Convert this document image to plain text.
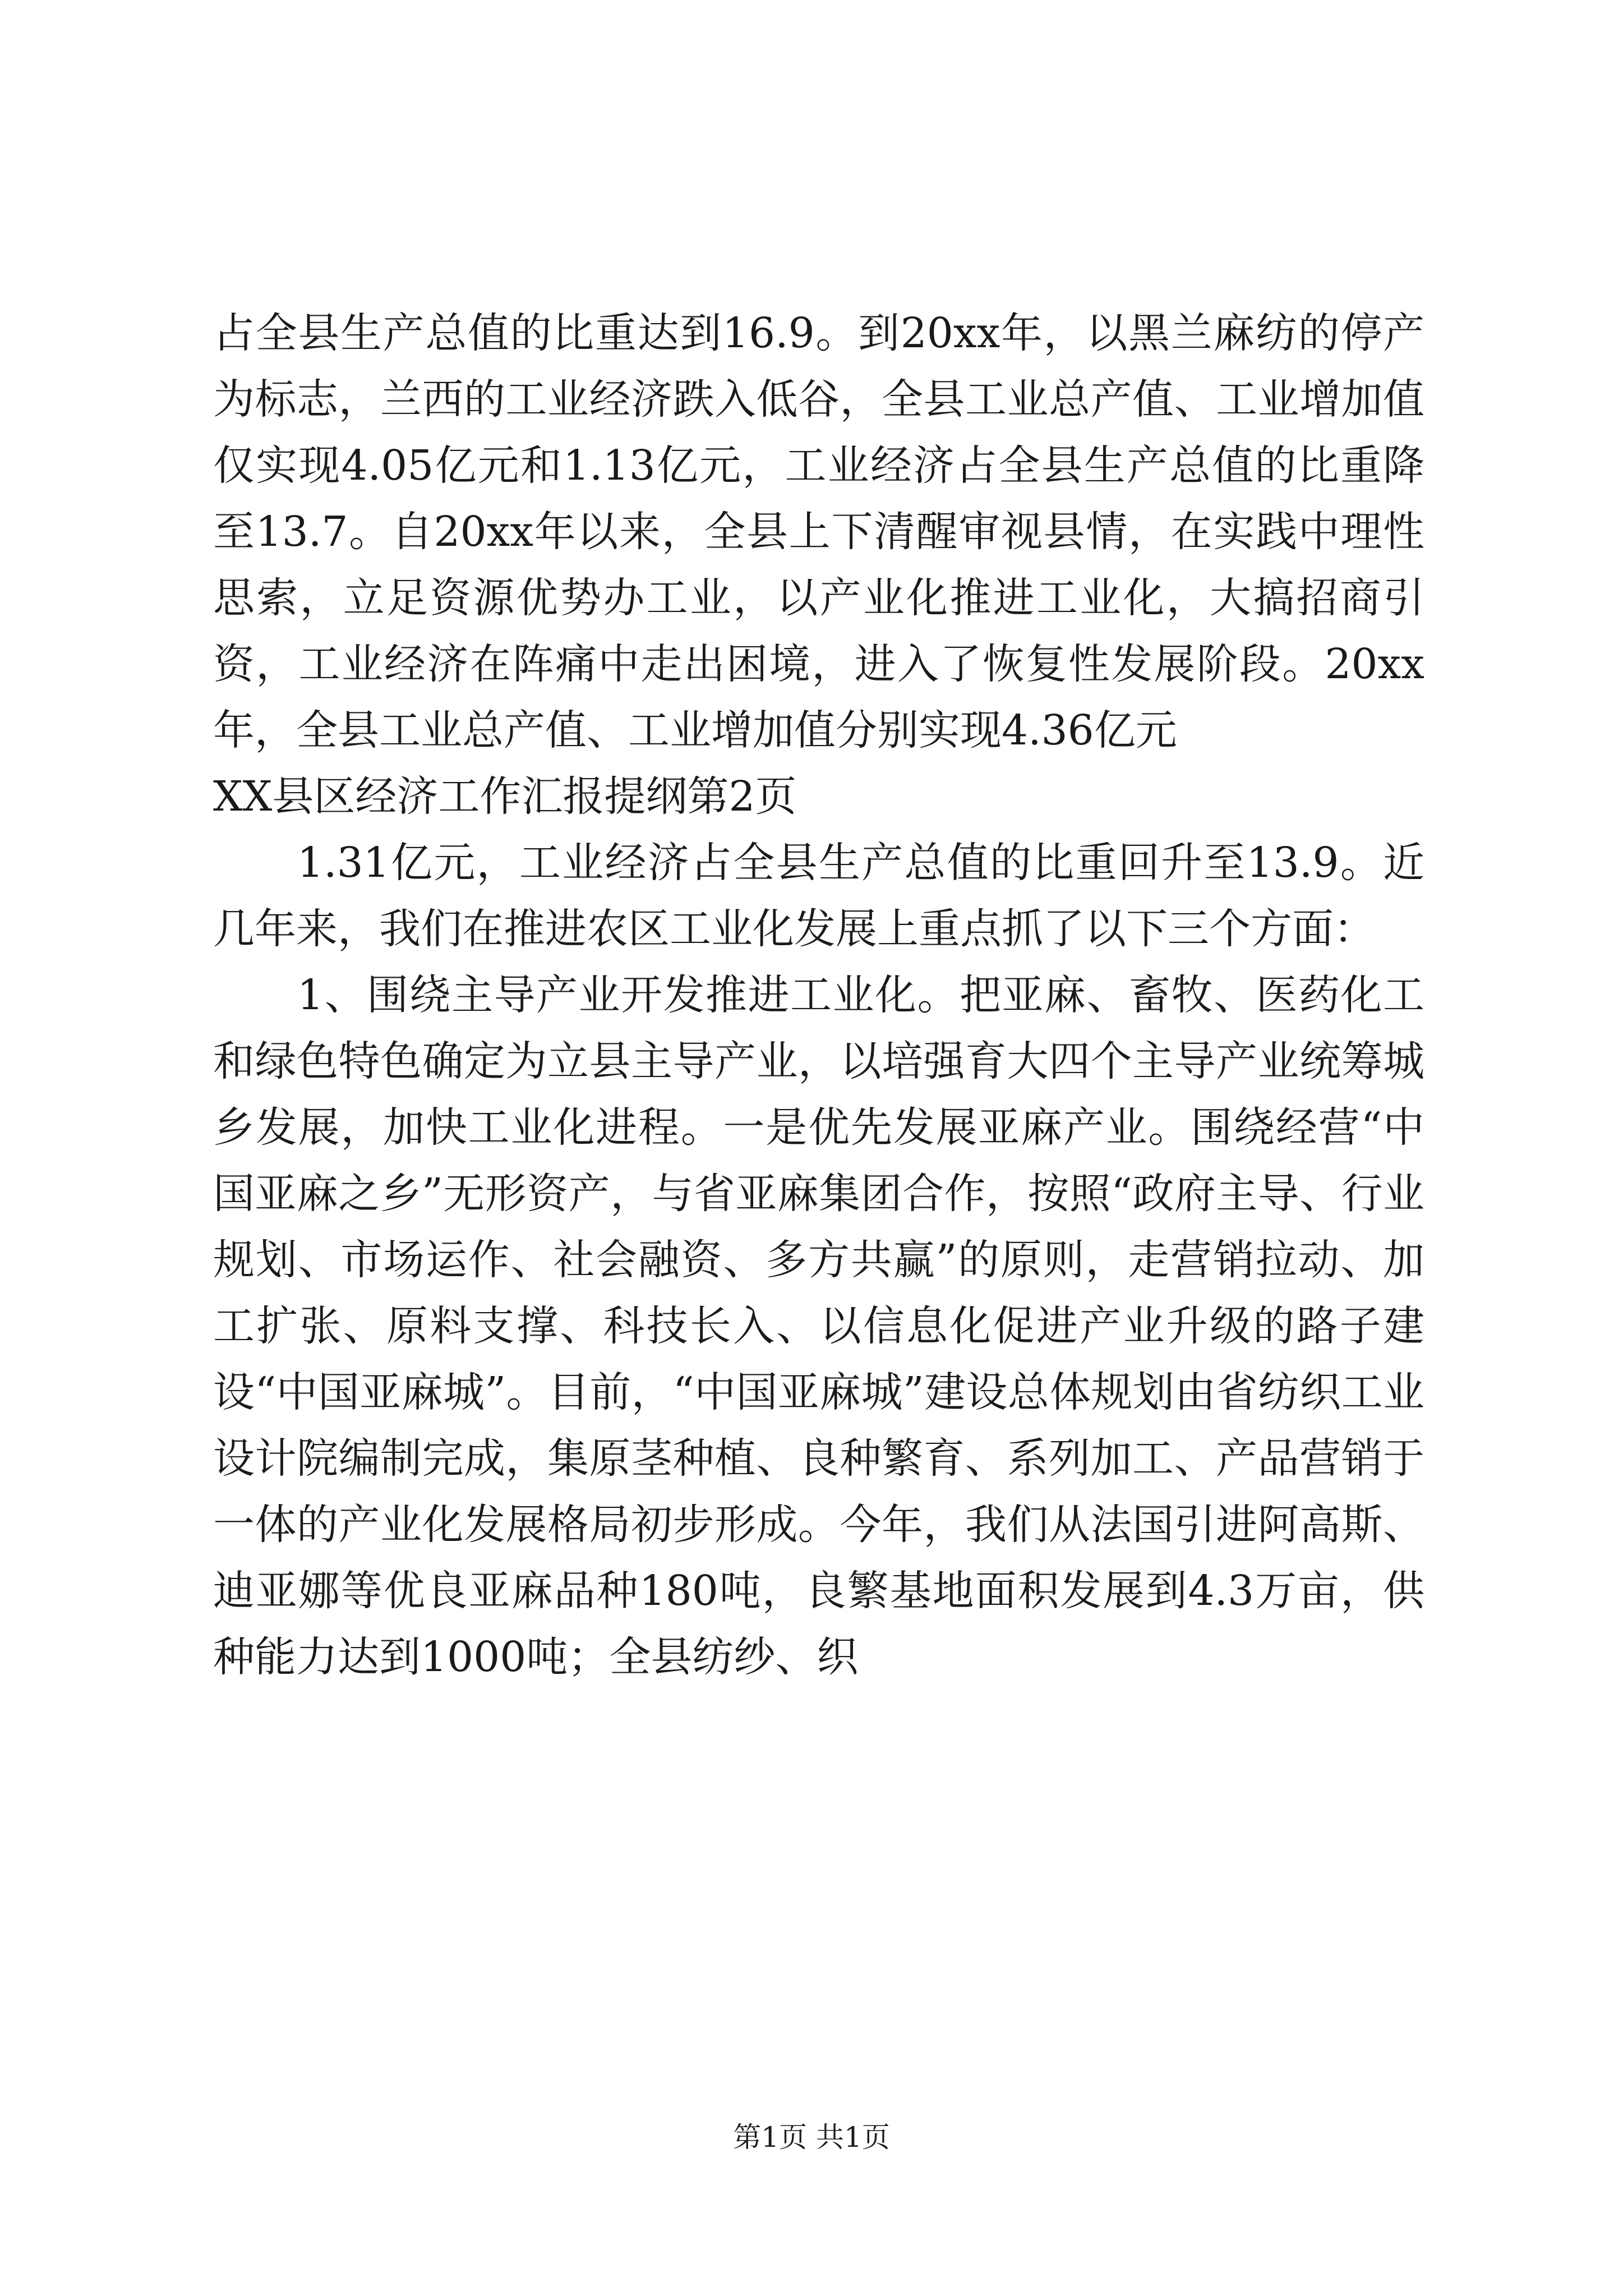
占全县生产总值的比重达到16.9。到20xx年，以黑兰麻纺的停产为标志，兰西的工业经济跌入低谷，全县工业总产值、工业增加值仅实现4.05亿元和1.13亿元，工业经济占全县生产总值的比重降至13.7。自20xx年以来，全县上下清醒审视县情，在实践中理性思索，立足资源优势办工业，以产业化推进工业化，大搞招商引资，工业经济在阵痛中走出困境，进入了恢复性发展阶段。20xx年，全县工业总产值、工业增加值分别实现4.36亿元

XX县区经济工作汇报提纲第2页

1.31亿元，工业经济占全县生产总值的比重回升至13.9。近几年来，我们在推进农区工业化发展上重点抓了以下三个方面：

1、围绕主导产业开发推进工业化。把亚麻、畜牧、医药化工和绿色特色确定为立县主导产业，以培强育大四个主导产业统筹城乡发展，加快工业化进程。一是优先发展亚麻产业。围绕经营“中国亚麻之乡”无形资产，与省亚麻集团合作，按照“政府主导、行业规划、市场运作、社会融资、多方共赢”的原则，走营销拉动、加工扩张、原料支撑、科技长入、以信息化促进产业升级的路子建设“中国亚麻城”。目前，“中国亚麻城”建设总体规划由省纺织工业设计院编制完成，集原茎种植、良种繁育、系列加工、产品营销于一体的产业化发展格局初步形成。今年，我们从法国引进阿高斯、迪亚娜等优良亚麻品种180吨，良繁基地面积发展到4.3万亩，供种能力达到1000吨；全县纺纱、织

第1页 共1页
